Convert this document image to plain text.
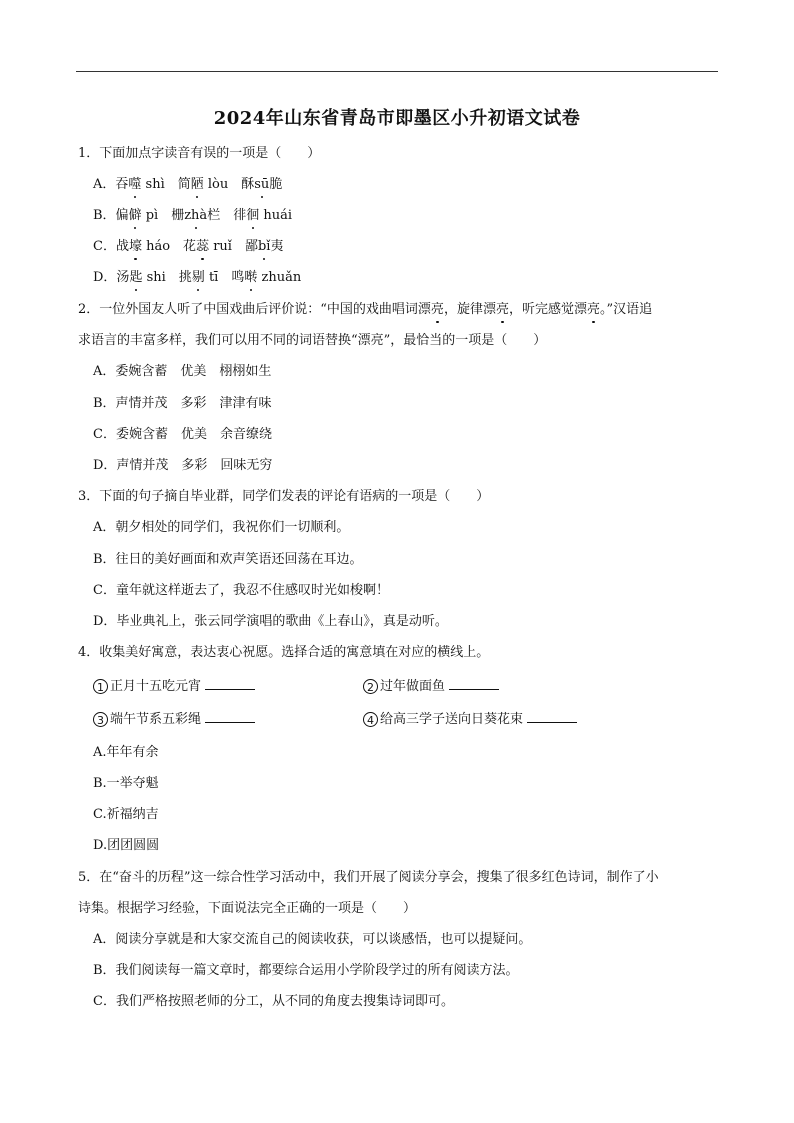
2024年山东省青岛市即墨区小升初语文试卷
1．下面加点字读音有误的一项是（　　）
A．吞噬 shì　简陋 lòu　酥sū脆
B．偏僻 pì　栅zhà栏　徘徊 huái
C．战壕 háo　花蕊 ruǐ　鄙bǐ夷
D．汤匙 shi　挑剔 tī　鸣啭 zhuǎn
2．一位外国友人听了中国戏曲后评价说：“中国的戏曲唱词漂亮，旋律漂亮，听完感觉漂亮。”汉语追
求语言的丰富多样，我们可以用不同的词语替换“漂亮”，最恰当的一项是（　　）
A．委婉含蓄　优美　栩栩如生
B．声情并茂　多彩　津津有味
C．委婉含蓄　优美　余音缭绕
D．声情并茂　多彩　回味无穷
3．下面的句子摘自毕业群，同学们发表的评论有语病的一项是（　　）
A．朝夕相处的同学们，我祝你们一切顺利。
B．往日的美好画面和欢声笑语还回荡在耳边。
C．童年就这样逝去了，我忍不住感叹时光如梭啊！
D．毕业典礼上，张云同学演唱的歌曲《上春山》，真是动听。
4．收集美好寓意，表达衷心祝愿。选择合适的寓意填在对应的横线上。
1 正月十五吃元宵	2 过年做面鱼
3 端午节系五彩绳	4 给高三学子送向日葵花束
A.年年有余
B.一举夺魁
C.祈福纳吉
D.团团圆圆
5．在“奋斗的历程”这一综合性学习活动中，我们开展了阅读分享会，搜集了很多红色诗词，制作了小
诗集。根据学习经验，下面说法完全正确的一项是（　　）
A．阅读分享就是和大家交流自己的阅读收获，可以谈感悟，也可以提疑问。
B．我们阅读每一篇文章时，都要综合运用小学阶段学过的所有阅读方法。
C．我们严格按照老师的分工，从不同的角度去搜集诗词即可。
